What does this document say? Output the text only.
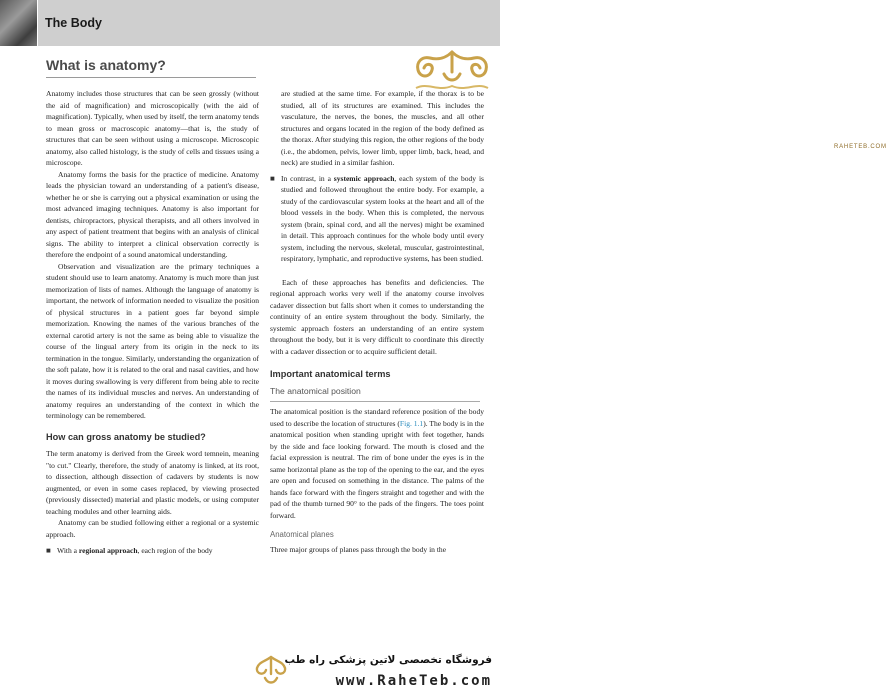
The Body
RAHETEB.COM
What is anatomy?

Anatomy includes those structures that can be seen grossly (without the aid of magnification) and microscopically (with the aid of magnification). Typically, when used by itself, the term anatomy tends to mean gross or macroscopic anatomy—that is, the study of structures that can be seen without using a microscope. Microscopic anatomy, also called histology, is the study of cells and tissues using a microscope.

Anatomy forms the basis for the practice of medicine. Anatomy leads the physician toward an understanding of a patient's disease, whether he or she is carrying out a physical examination or using the most advanced imaging techniques. Anatomy is also important for dentists, chiropractors, physical therapists, and all others involved in any aspect of patient treatment that begins with an analysis of clinical signs. The ability to interpret a clinical observation correctly is therefore the endpoint of a sound anatomical understanding.

Observation and visualization are the primary techniques a student should use to learn anatomy. Anatomy is much more than just memorization of lists of names. Although the language of anatomy is important, the network of information needed to visualize the position of physical structures in a patient goes far beyond simple memorization. Knowing the names of the various branches of the external carotid artery is not the same as being able to visualize the course of the lingual artery from its origin in the neck to its termination in the tongue. Similarly, understanding the organization of the soft palate, how it is related to the oral and nasal cavities, and how it moves during swallowing is very different from being able to recite the names of its individual muscles and nerves. An understanding of anatomy requires an understanding of the context in which the terminology can be remembered.

How can gross anatomy be studied?

The term anatomy is derived from the Greek word temnein, meaning "to cut." Clearly, therefore, the study of anatomy is linked, at its root, to dissection, although dissection of cadavers by students is now augmented, or even in some cases replaced, by viewing prosected (previously dissected) material and plastic models, or using computer teaching modules and other learning aids.

Anatomy can be studied following either a regional or a systemic approach.

■ With a regional approach, each region of the body

are studied at the same time. For example, if the thorax is to be studied, all of its structures are examined. This includes the vasculature, the nerves, the bones, the muscles, and all other structures and organs located in the region of the body defined as the thorax. After studying this region, the other regions of the body (i.e., the abdomen, pelvis, lower limb, upper limb, back, head, and neck) are studied in a similar fashion.

■ In contrast, in a systemic approach, each system of the body is studied and followed throughout the entire body. For example, a study of the cardiovascular system looks at the heart and all of the blood vessels in the body. When this is completed, the nervous system (brain, spinal cord, and all the nerves) might be examined in detail. This approach continues for the whole body until every system, including the nervous, skeletal, muscular, gastrointestinal, respiratory, lymphatic, and reproductive systems, has been studied.

Each of these approaches has benefits and deficiencies. The regional approach works very well if the anatomy course involves cadaver dissection but falls short when it comes to understanding the continuity of an entire system throughout the body. Similarly, the systemic approach fosters an understanding of an entire system throughout the body, but it is very difficult to coordinate this directly with a cadaver dissection or to acquire sufficient detail.

Important anatomical terms
The anatomical position

The anatomical position is the standard reference position of the body used to describe the location of structures (Fig. 1.1). The body is in the anatomical position when standing upright with feet together, hands by the side and face looking forward. The mouth is closed and the facial expression is neutral. The rim of bone under the eyes is in the same horizontal plane as the top of the opening to the ear, and the eyes are open and focused on something in the distance. The palms of the hands face forward with the fingers straight and together and with the pad of the thumb turned 90° to the pads of the fingers. The toes point forward.

Anatomical planes

Three major groups of planes pass through the body in the

فروشگاه تخصصی لاتین پزشکی راه طب
www.RaheTeb.com
